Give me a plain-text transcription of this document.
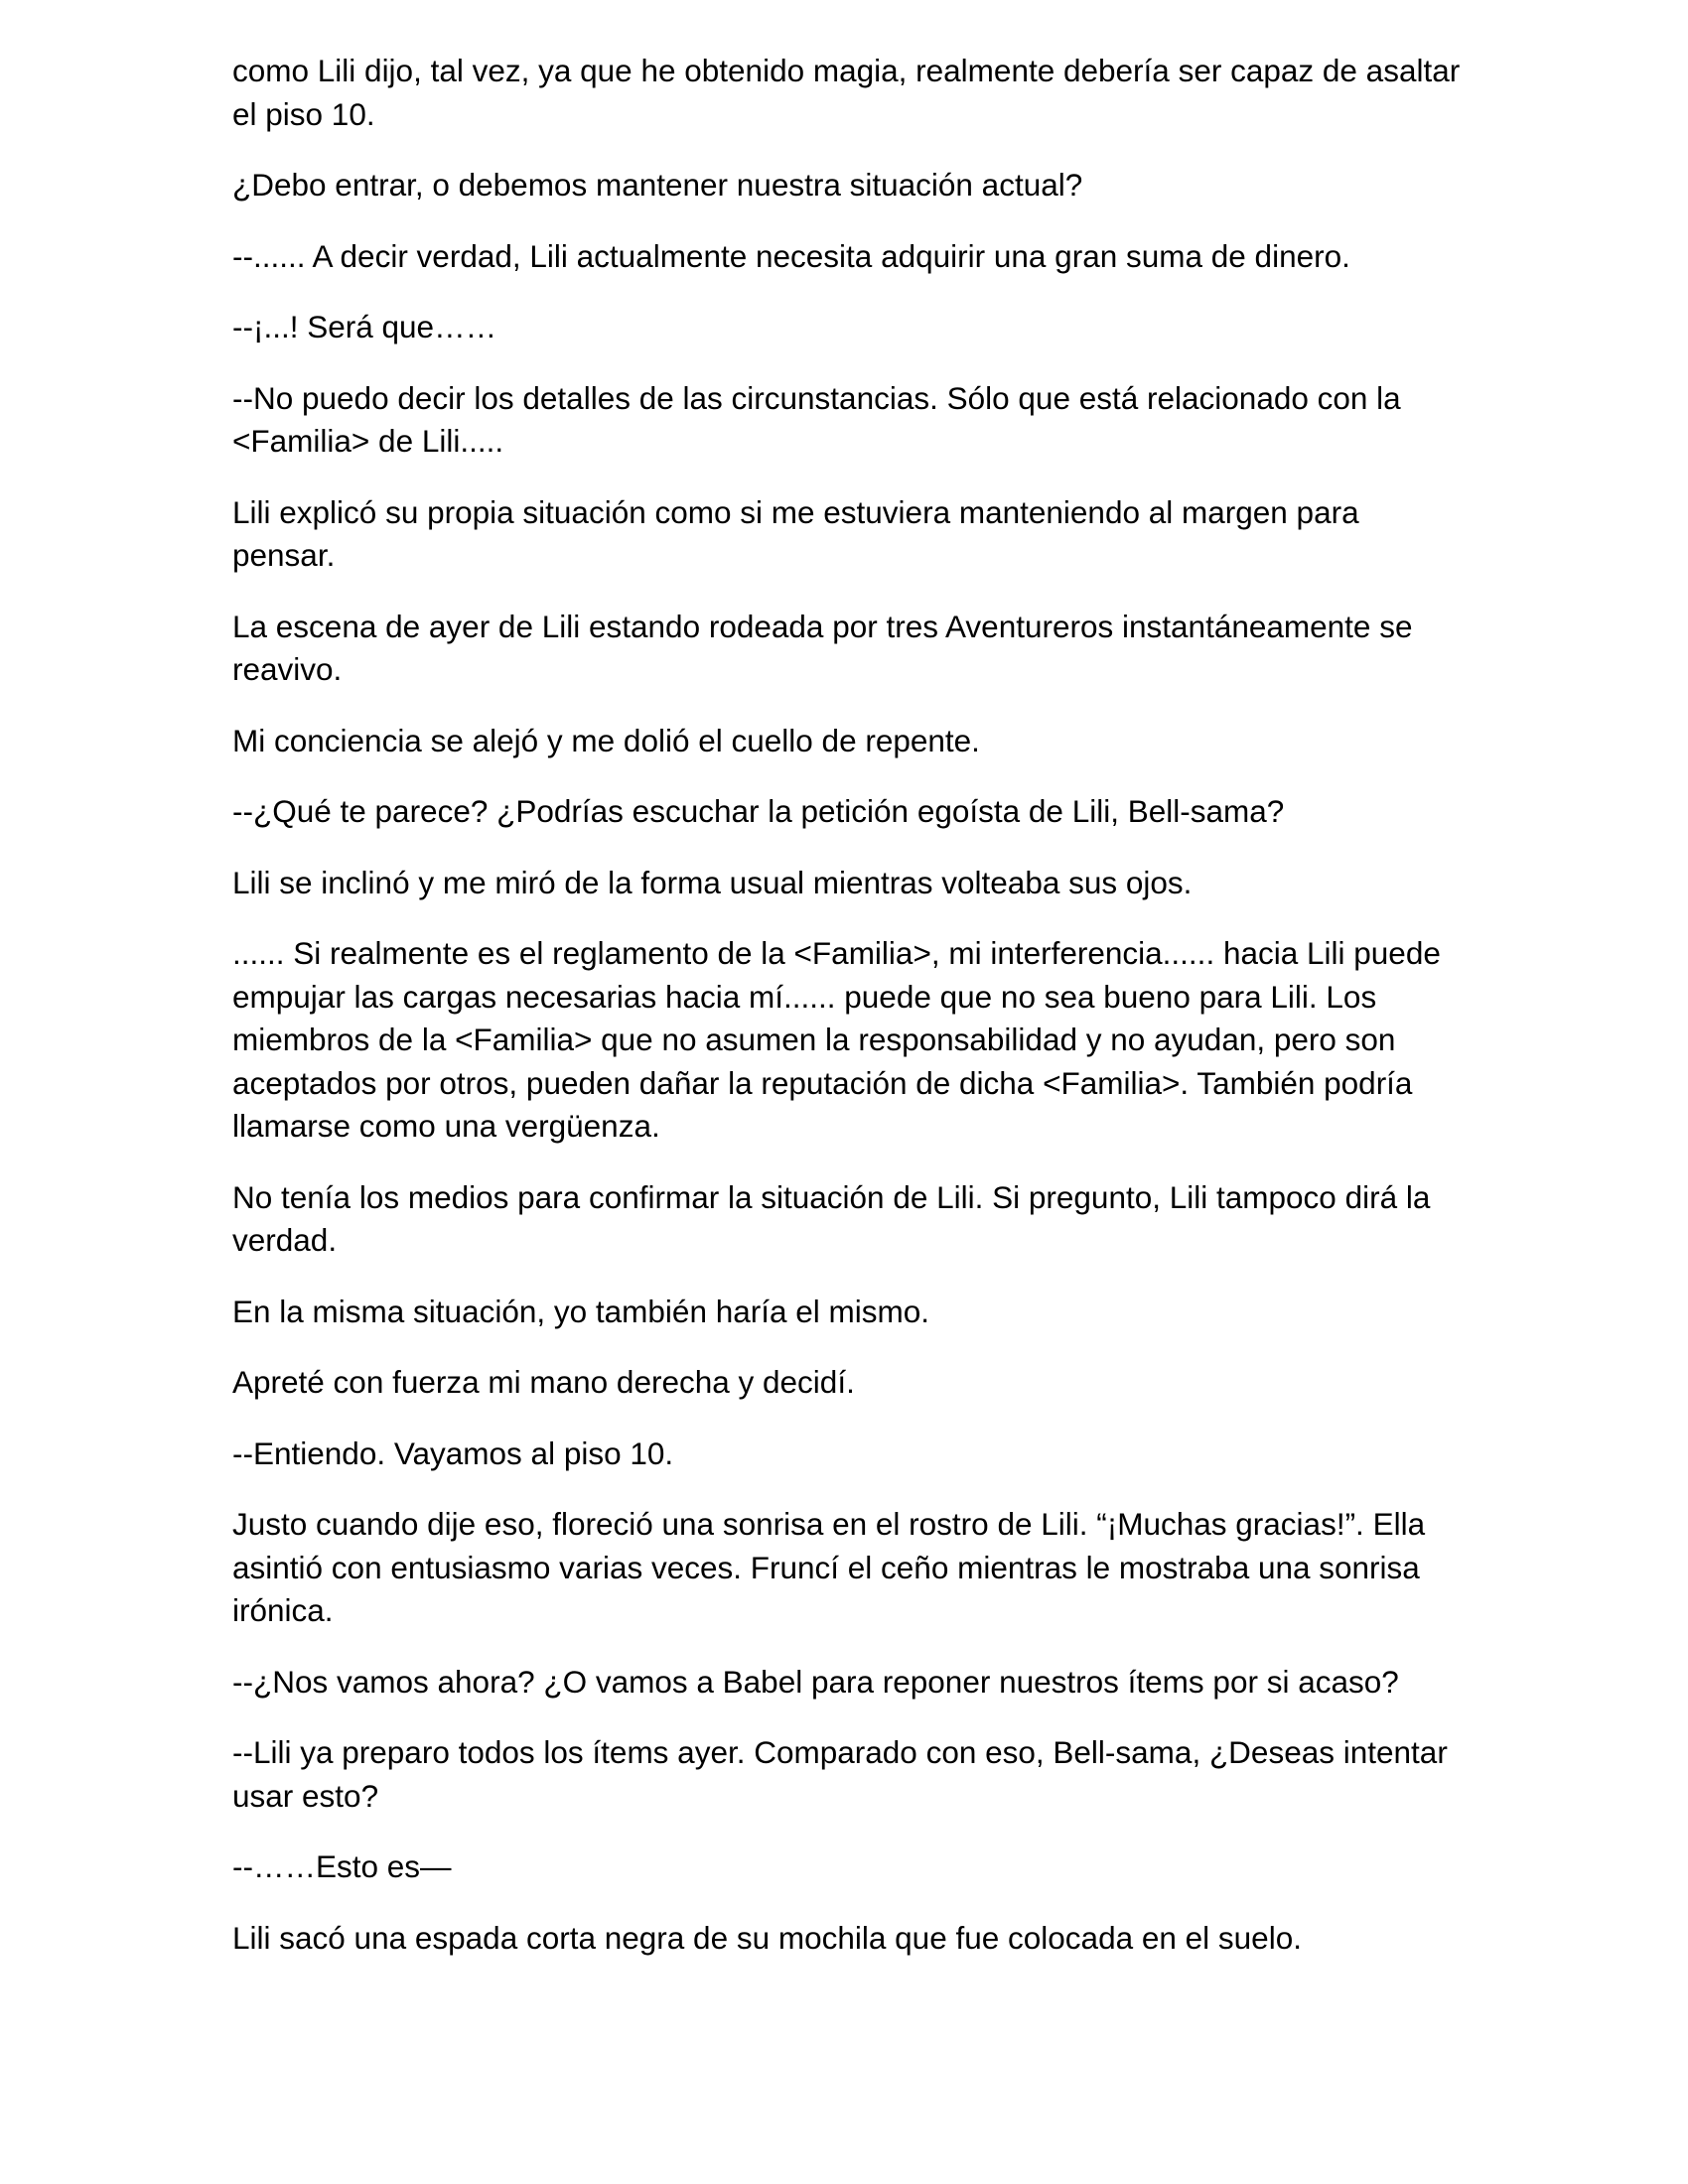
como Lili dijo, tal vez, ya que he obtenido magia, realmente debería ser capaz de asaltar el piso 10.

¿Debo entrar, o debemos mantener nuestra situación actual?

--...... A decir verdad, Lili actualmente necesita adquirir una gran suma de dinero.

--¡...! Será que……

--No puedo decir los detalles de las circunstancias. Sólo que está relacionado con la <Familia> de Lili.....

Lili explicó su propia situación como si me estuviera manteniendo al margen para pensar.

La escena de ayer de Lili estando rodeada por tres Aventureros instantáneamente se reavivo.

Mi conciencia se alejó y me dolió el cuello de repente.

--¿Qué te parece? ¿Podrías escuchar la petición egoísta de Lili, Bell-sama?

Lili se inclinó y me miró de la forma usual mientras volteaba sus ojos.

...... Si realmente es el reglamento de la <Familia>, mi interferencia...... hacia Lili puede empujar las cargas necesarias hacia mí...... puede que no sea bueno para Lili. Los miembros de la <Familia> que no asumen la responsabilidad y no ayudan, pero son aceptados por otros, pueden dañar la reputación de dicha <Familia>. También podría llamarse como una vergüenza.

No tenía los medios para confirmar la situación de Lili. Si pregunto, Lili tampoco dirá la verdad.

En la misma situación, yo también haría el mismo.

Apreté con fuerza mi mano derecha y decidí.

--Entiendo. Vayamos al piso 10.

Justo cuando dije eso, floreció una sonrisa en el rostro de Lili. “¡Muchas gracias!”. Ella asintió con entusiasmo varias veces. Fruncí el ceño mientras le mostraba una sonrisa irónica.

--¿Nos vamos ahora? ¿O vamos a Babel para reponer nuestros ítems por si acaso?

--Lili ya preparo todos los ítems ayer. Comparado con eso, Bell-sama, ¿Deseas intentar usar esto?

--……Esto es—

Lili sacó una espada corta negra de su mochila que fue colocada en el suelo.
